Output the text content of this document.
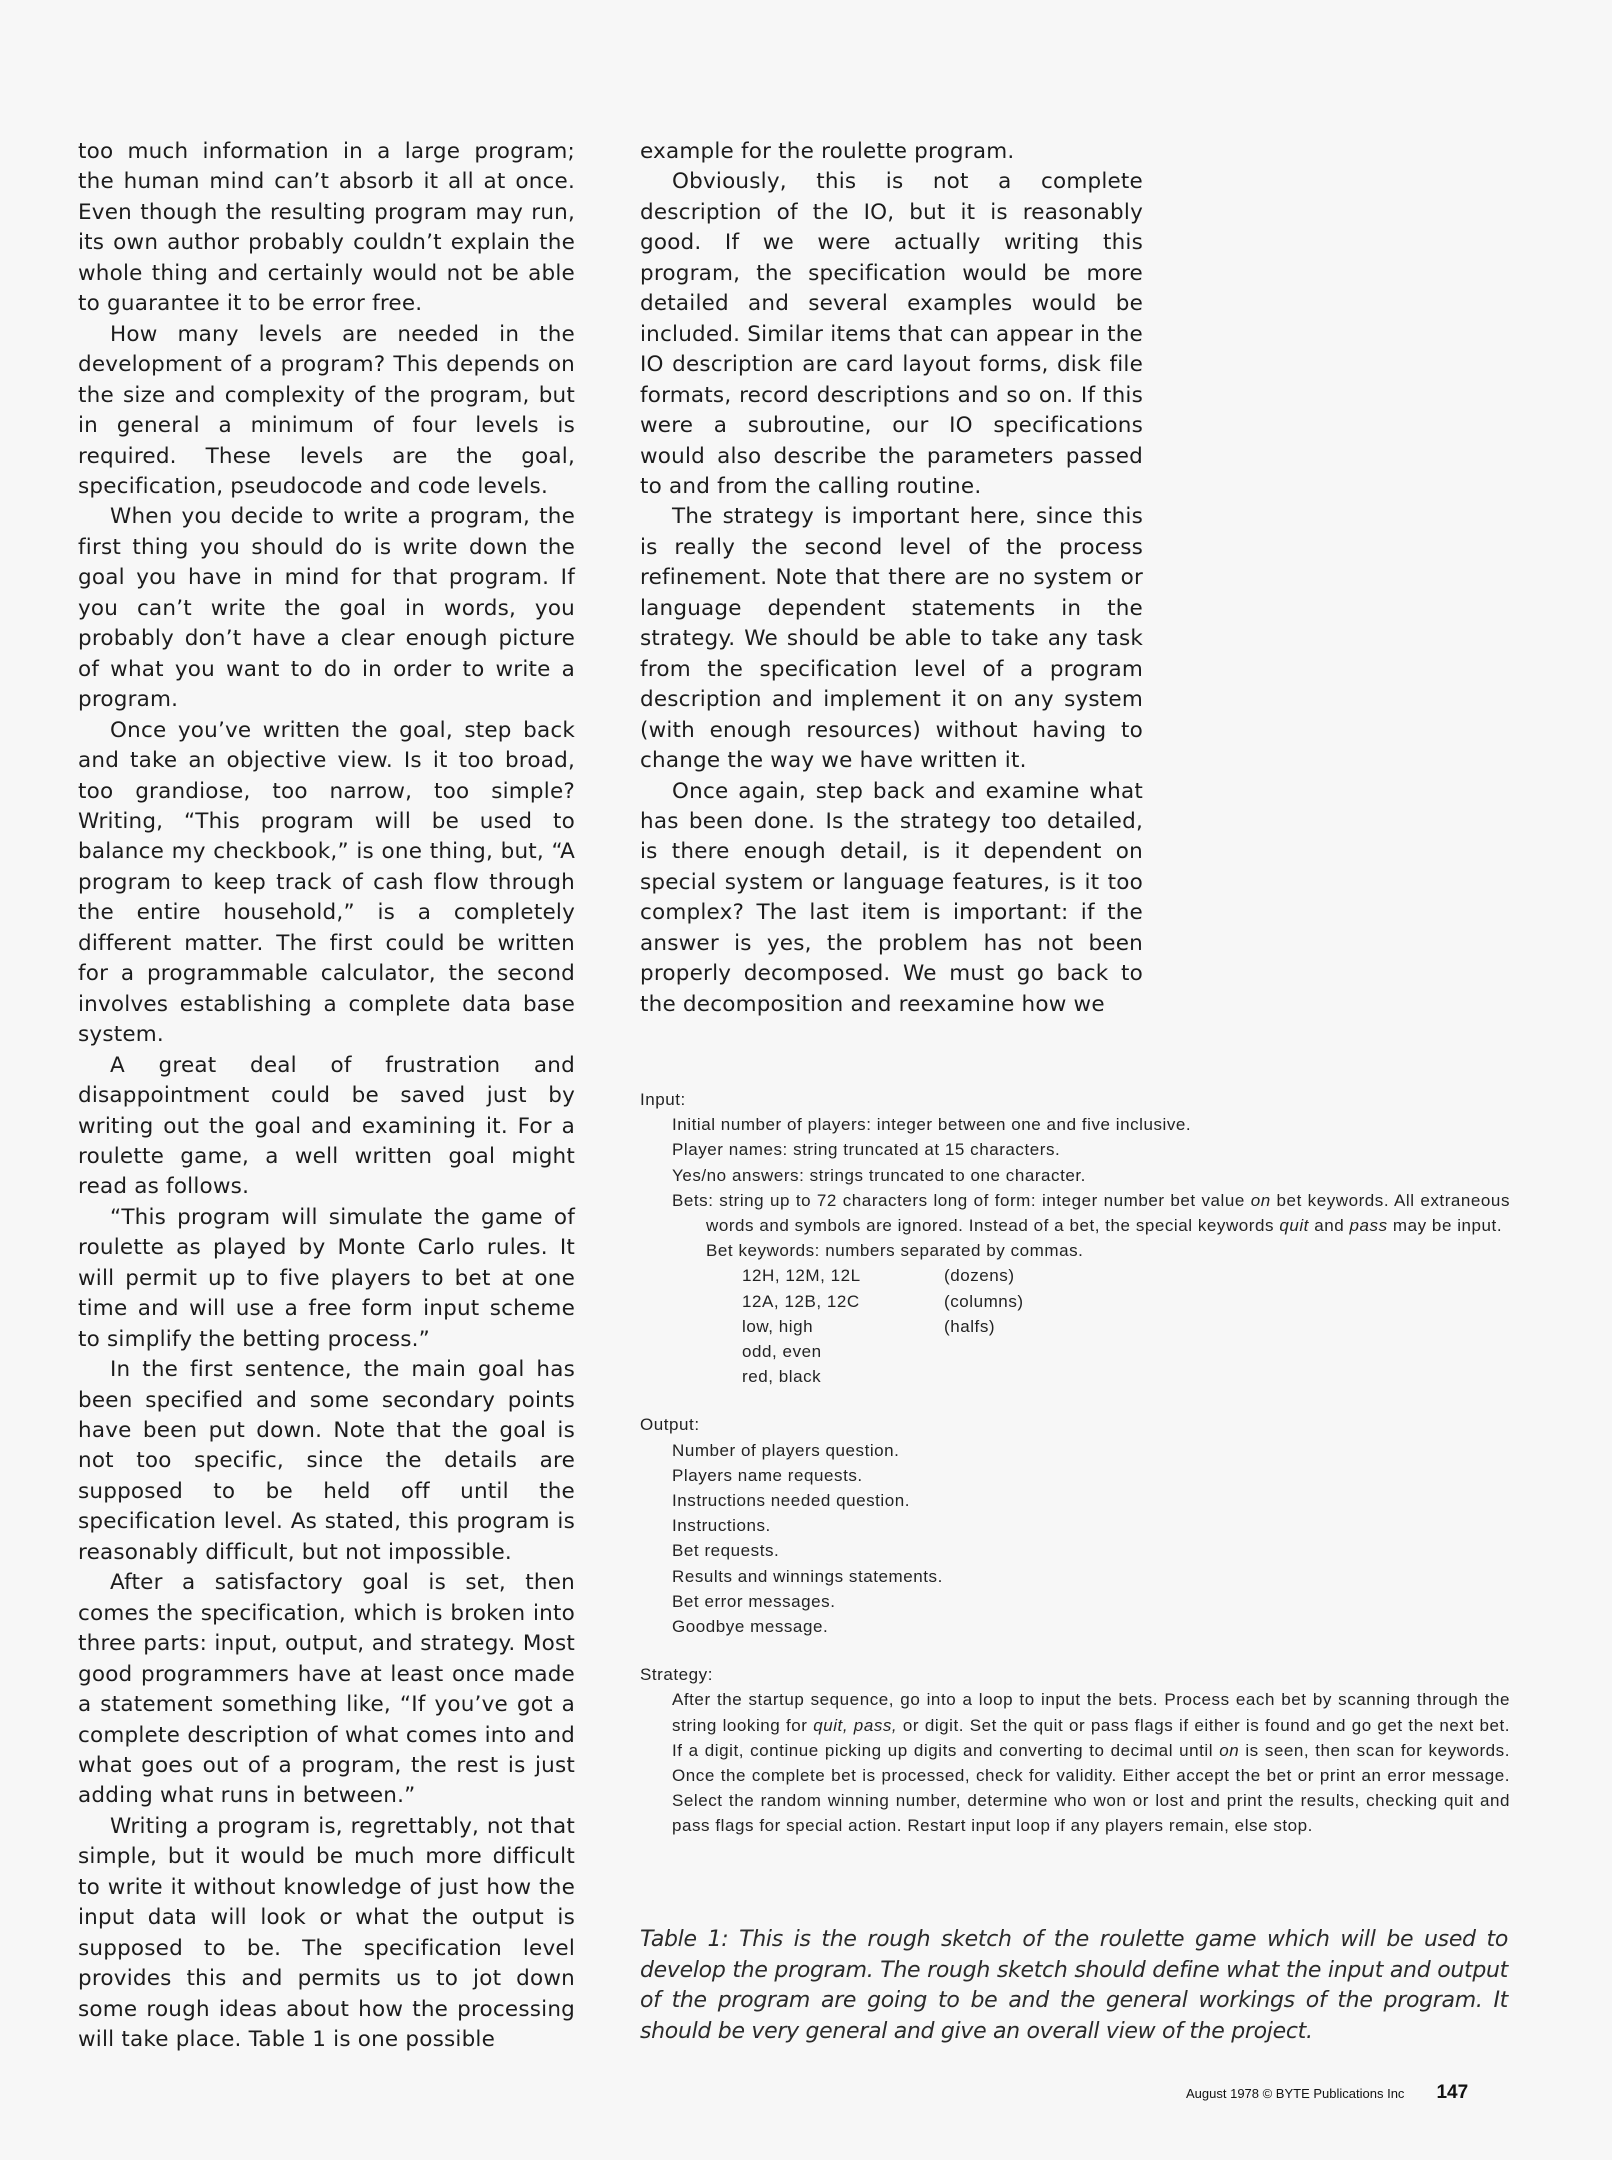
too much information in a large program; the human mind can’t absorb it all at once. Even though the resulting program may run, its own author probably couldn’t explain the whole thing and certainly would not be able to guarantee it to be error free.

How many levels are needed in the development of a program? This depends on the size and complexity of the program, but in general a minimum of four levels is required. These levels are the goal, specification, pseudocode and code levels.

When you decide to write a program, the first thing you should do is write down the goal you have in mind for that program. If you can’t write the goal in words, you probably don’t have a clear enough picture of what you want to do in order to write a program.

Once you’ve written the goal, step back and take an objective view. Is it too broad, too grandiose, too narrow, too simple? Writing, “This program will be used to balance my checkbook,” is one thing, but, “A program to keep track of cash flow through the entire household,” is a completely different matter. The first could be written for a programmable calculator, the second involves establishing a complete data base system.

A great deal of frustration and disappointment could be saved just by writing out the goal and examining it. For a roulette game, a well written goal might read as follows.

“This program will simulate the game of roulette as played by Monte Carlo rules. It will permit up to five players to bet at one time and will use a free form input scheme to simplify the betting process.”

In the first sentence, the main goal has been specified and some secondary points have been put down. Note that the goal is not too specific, since the details are supposed to be held off until the specification level. As stated, this program is reasonably difficult, but not impossible.

After a satisfactory goal is set, then comes the specification, which is broken into three parts: input, output, and strategy. Most good programmers have at least once made a statement something like, “If you’ve got a complete description of what comes into and what goes out of a program, the rest is just adding what runs in between.”

Writing a program is, regrettably, not that simple, but it would be much more difficult to write it without knowledge of just how the input data will look or what the output is supposed to be. The specification level provides this and permits us to jot down some rough ideas about how the processing will take place. Table 1 is one possible

example for the roulette program.

Obviously, this is not a complete description of the IO, but it is reasonably good. If we were actually writing this program, the specification would be more detailed and several examples would be included. Similar items that can appear in the IO description are card layout forms, disk file formats, record descriptions and so on. If this were a subroutine, our IO specifications would also describe the parameters passed to and from the calling routine.

The strategy is important here, since this is really the second level of the process refinement. Note that there are no system or language dependent statements in the strategy. We should be able to take any task from the specification level of a program description and implement it on any system (with enough resources) without having to change the way we have written it.

Once again, step back and examine what has been done. Is the strategy too detailed, is there enough detail, is it dependent on special system or language features, is it too complex? The last item is important: if the answer is yes, the problem has not been properly decomposed. We must go back to the decomposition and reexamine how we

Input:
Initial number of players: integer between one and five inclusive.
Player names: string truncated at 15 characters.
Yes/no answers: strings truncated to one character.
Bets: string up to 72 characters long of form: integer number bet value on bet keywords. All extraneous words and symbols are ignored. Instead of a bet, the special keywords quit and pass may be input.
Bet keywords: numbers separated by commas.
12H, 12M, 12L	(dozens)
12A, 12B, 12C	(columns)
low, high	(halfs)
odd, even
red, black
Output:
Number of players question.
Players name requests.
Instructions needed question.
Instructions.
Bet requests.
Results and winnings statements.
Bet error messages.
Goodbye message.
Strategy:
After the startup sequence, go into a loop to input the bets. Process each bet by scanning through the string looking for quit, pass, or digit. Set the quit or pass flags if either is found and go get the next bet. If a digit, continue picking up digits and converting to decimal until on is seen, then scan for keywords. Once the complete bet is processed, check for validity. Either accept the bet or print an error message. Select the random winning number, determine who won or lost and print the results, checking quit and pass flags for special action. Restart input loop if any players remain, else stop.
Table 1: This is the rough sketch of the roulette game which will be used to develop the program. The rough sketch should define what the input and output of the program are going to be and the general workings of the program. It should be very general and give an overall view of the project.
August 1978 © BYTE Publications Inc 147
